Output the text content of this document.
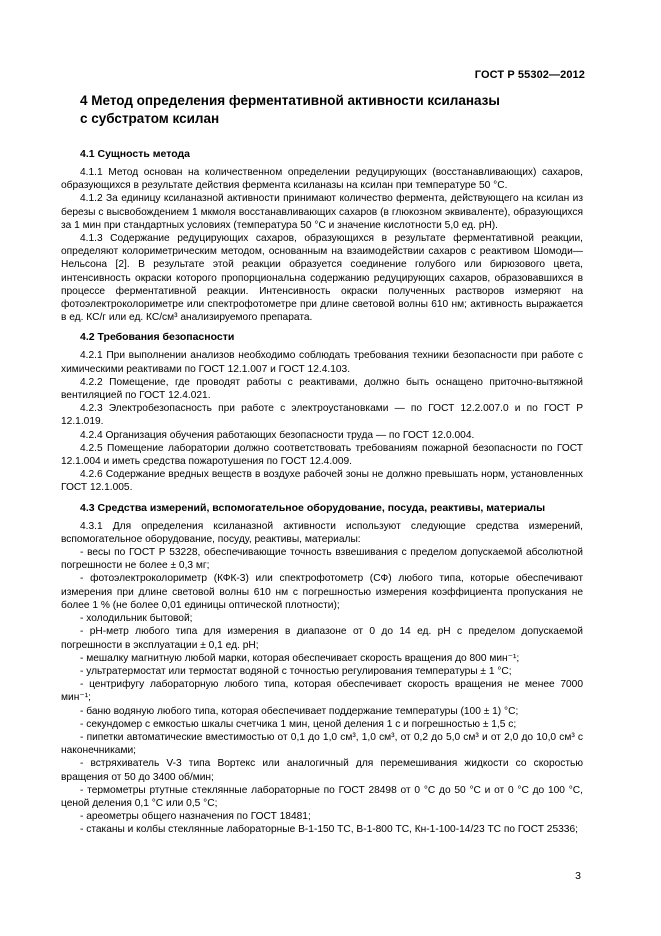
ГОСТ Р 55302—2012
4 Метод определения ферментативной активности ксиланазы
с субстратом ксилан
4.1 Сущность метода

4.1.1 Метод основан на количественном определении редуцирующих (восстанавливающих) сахаров, образующихся в результате действия фермента ксиланазы на ксилан при температуре 50 °С.

4.1.2 За единицу ксиланазной активности принимают количество фермента, действующего на ксилан из березы с высвобождением 1 мкмоля восстанавливающих сахаров (в глюкозном эквиваленте), образующихся за 1 мин при стандартных условиях (температура 50 °С и значение кислотности 5,0 ед. pH).

4.1.3 Содержание редуцирующих сахаров, образующихся в результате ферментативной реакции, определяют колориметрическим методом, основанным на взаимодействии сахаров с реактивом Шомоди—Нельсона [2]. В результате этой реакции образуется соединение голубого или бирюзового цвета, интенсивность окраски которого пропорциональна содержанию редуцирующих сахаров, образовавшихся в процессе ферментативной реакции. Интенсивность окраски полученных растворов измеряют на фотоэлектроколориметре или спектрофотометре при длине световой волны 610 нм; активность выражается в ед. КС/г или ед. КС/см³ анализируемого препарата.

4.2 Требования безопасности

4.2.1 При выполнении анализов необходимо соблюдать требования техники безопасности при работе с химическими реактивами по ГОСТ 12.1.007 и ГОСТ 12.4.103.

4.2.2 Помещение, где проводят работы с реактивами, должно быть оснащено приточно-вытяжной вентиляцией по ГОСТ 12.4.021.

4.2.3 Электробезопасность при работе с электроустановками — по ГОСТ 12.2.007.0 и по ГОСТ Р 12.1.019.

4.2.4 Организация обучения работающих безопасности труда — по ГОСТ 12.0.004.

4.2.5 Помещение лаборатории должно соответствовать требованиям пожарной безопасности по ГОСТ 12.1.004 и иметь средства пожаротушения по ГОСТ 12.4.009.

4.2.6 Содержание вредных веществ в воздухе рабочей зоны не должно превышать норм, установленных ГОСТ 12.1.005.

4.3 Средства измерений, вспомогательное оборудование, посуда, реактивы, материалы

4.3.1 Для определения ксиланазной активности используют следующие средства измерений, вспомогательное оборудование, посуду, реактивы, материалы:

- весы по ГОСТ Р 53228, обеспечивающие точность взвешивания с пределом допускаемой абсолютной погрешности не более ± 0,3 мг;

- фотоэлектроколориметр (КФК-3) или спектрофотометр (СФ) любого типа, которые обеспечивают измерения при длине световой волны 610 нм с погрешностью измерения коэффициента пропускания не более 1 % (не более 0,01 единицы оптической плотности);

- холодильник бытовой;

- pH-метр любого типа для измерения в диапазоне от 0 до 14 ед. pH с пределом допускаемой погрешности в эксплуатации ± 0,1 ед. pH;

- мешалку магнитную любой марки, которая обеспечивает скорость вращения до 800 мин⁻¹;

- ультратермостат или термостат водяной с точностью регулирования температуры ± 1 °С;

- центрифугу лабораторную любого типа, которая обеспечивает скорость вращения не менее 7000 мин⁻¹;

- баню водяную любого типа, которая обеспечивает поддержание температуры (100 ± 1) °С;

- секундомер с емкостью шкалы счетчика 1 мин, ценой деления 1 с и погрешностью ± 1,5 с;

- пипетки автоматические вместимостью от 0,1 до 1,0 см³, 1,0 см³, от 0,2 до 5,0 см³ и от 2,0 до 10,0 см³ с наконечниками;

- встряхиватель V-3 типа Вортекс или аналогичный для перемешивания жидкости со скоростью вращения от 50 до 3400 об/мин;

- термометры ртутные стеклянные лабораторные по ГОСТ 28498 от 0 °С до 50 °С и от 0 °С до 100 °С, ценой деления 0,1 °С или 0,5 °С;

- ареометры общего назначения по ГОСТ 18481;

- стаканы и колбы стеклянные лабораторные В-1-150 ТС, В-1-800 ТС, Кн-1-100-14/23 ТС по ГОСТ 25336;

3
